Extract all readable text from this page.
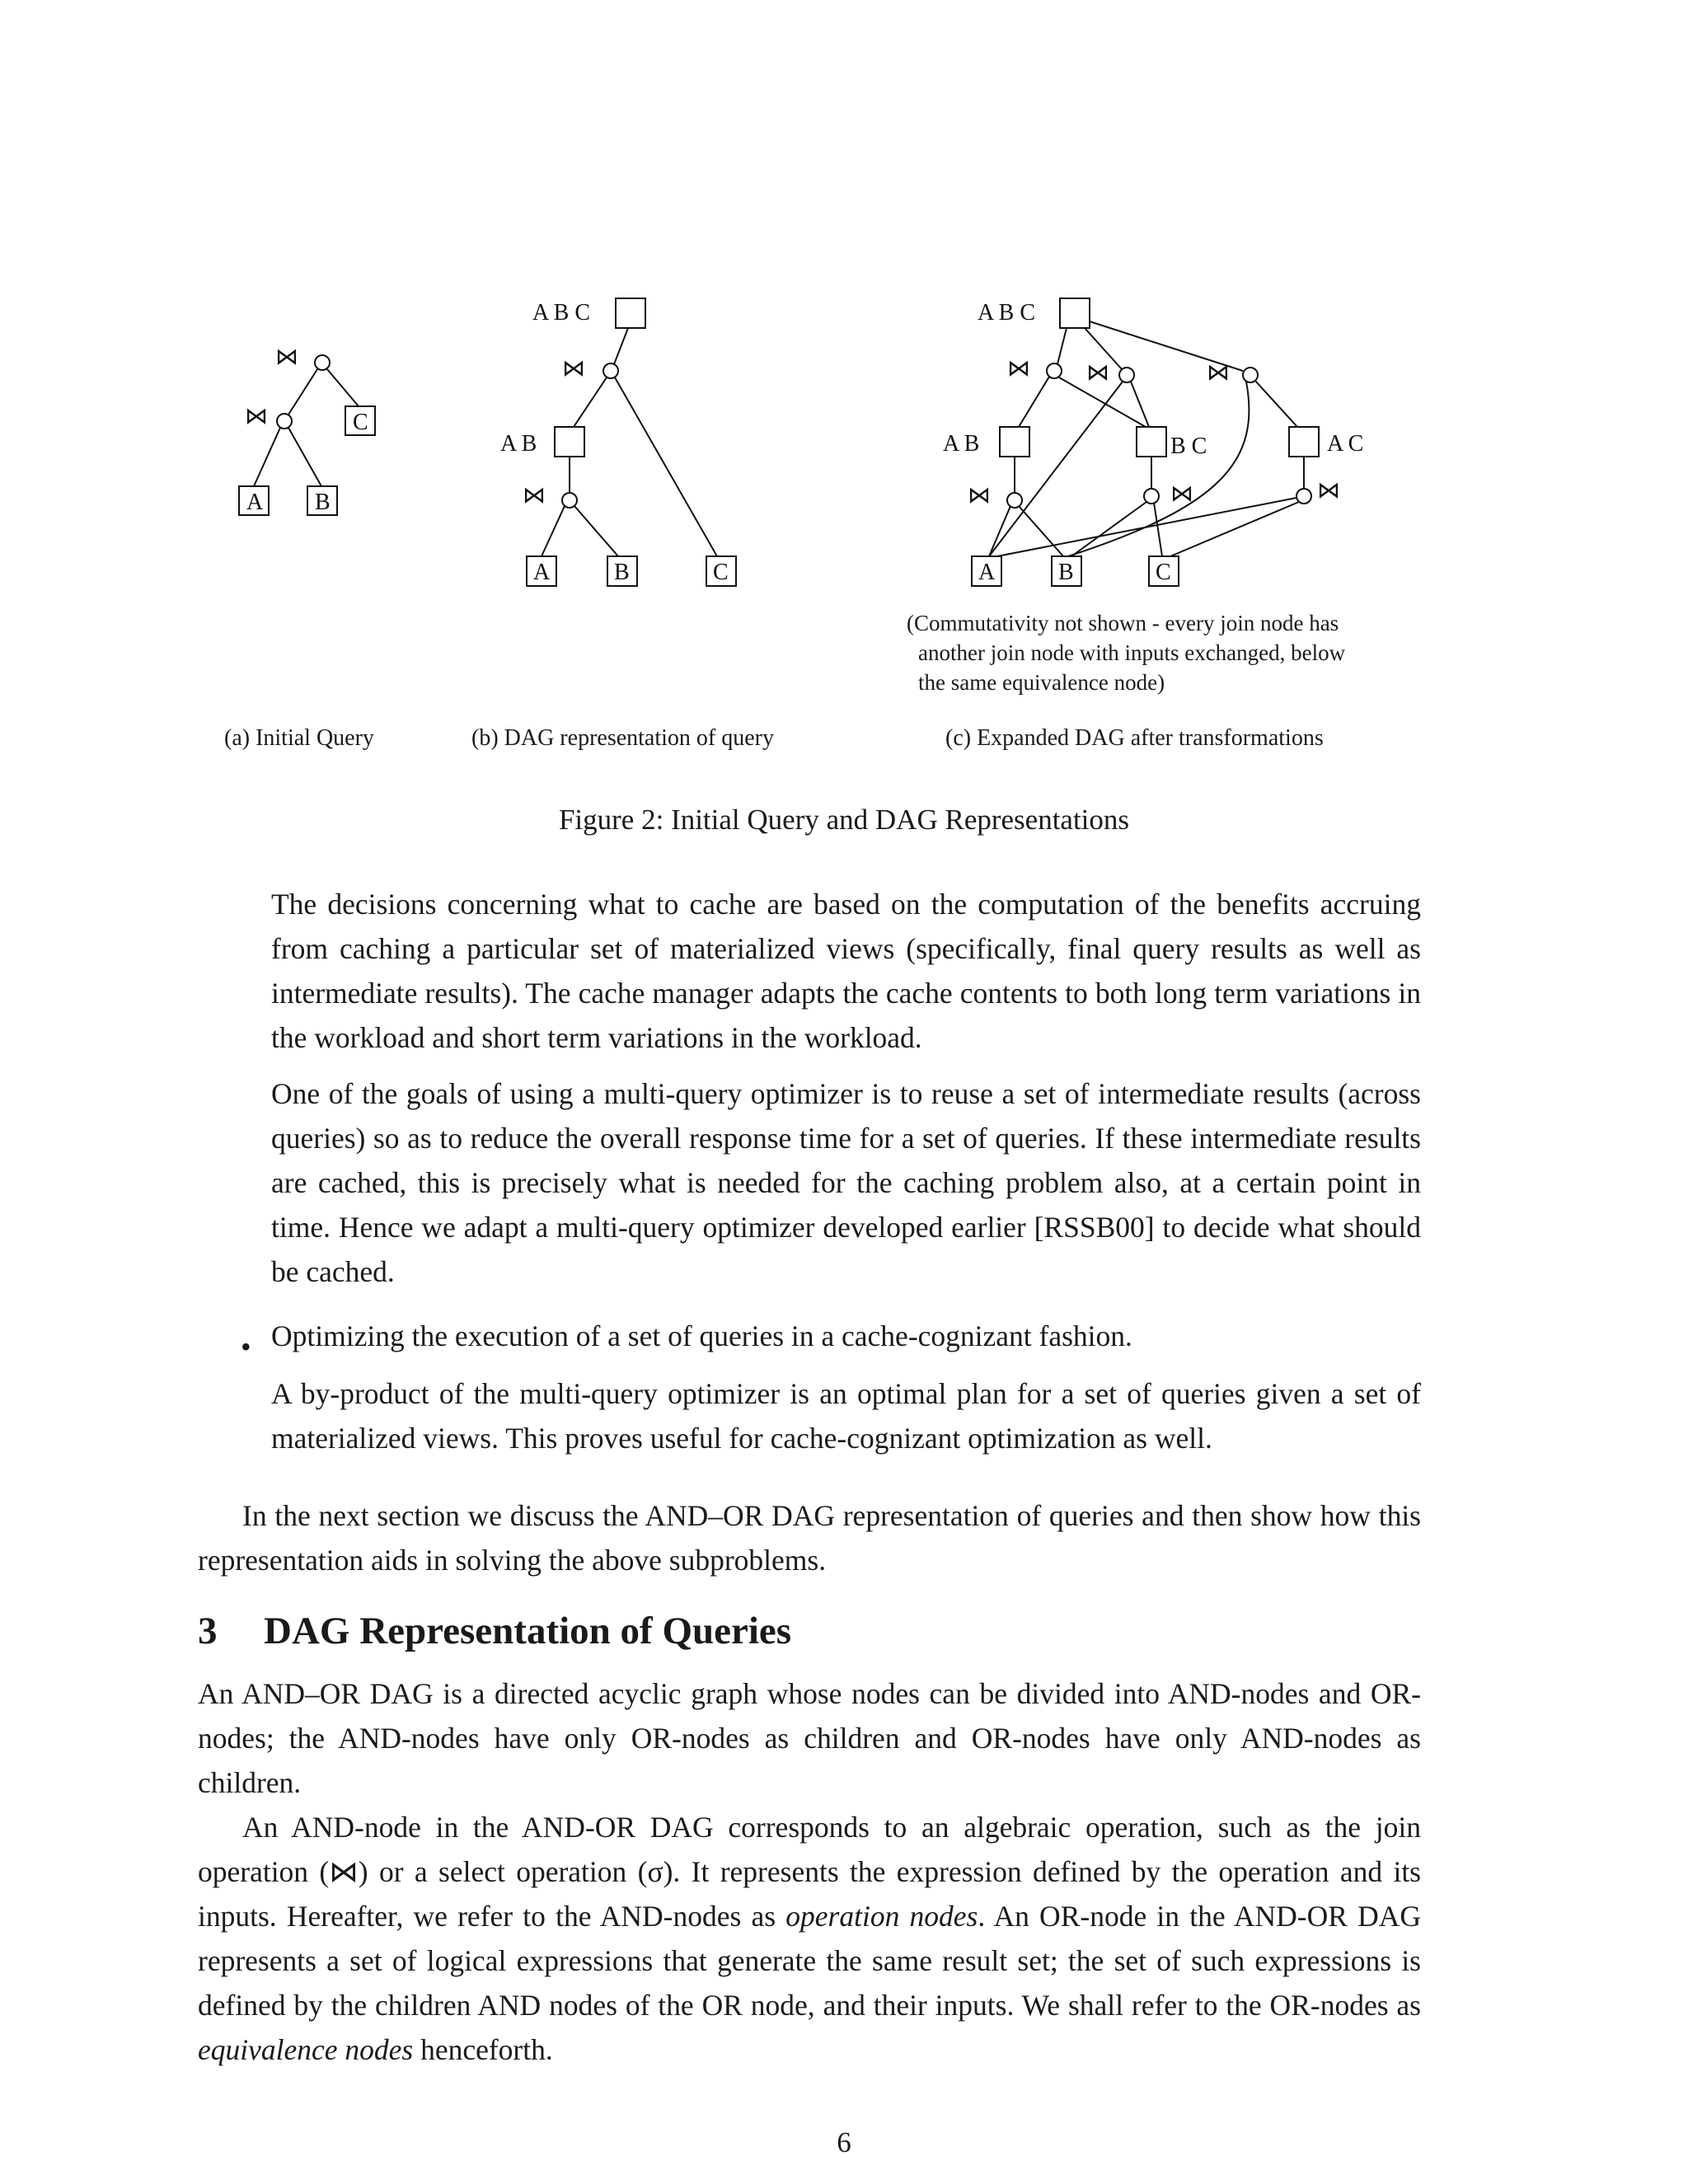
⋈
⋈	C
A B
A B C
⋈
A B
⋈
A	B	C
A B C
⋈ ⋈	⋈
A B	B C	A C
⋈	⋈	⋈
A	B	C
(Commutativity not shown - every join node has
another join node with inputs exchanged, below
the same equivalence node)
(a) Initial Query	(b) DAG representation of query	(c) Expanded DAG after transformations
Figure 2: Initial Query and DAG Representations

The decisions concerning what to cache are based on the computation of the benefits accruing from caching a particular set of materialized views (specifically, final query results as well as intermediate results). The cache manager adapts the cache contents to both long term variations in the workload and short term variations in the workload.

One of the goals of using a multi-query optimizer is to reuse a set of intermediate results (across queries) so as to reduce the overall response time for a set of queries. If these intermediate results are cached, this is precisely what is needed for the caching problem also, at a certain point in time. Hence we adapt a multi-query optimizer developed earlier [RSSB00] to decide what should be cached.

• Optimizing the execution of a set of queries in a cache-cognizant fashion.

A by-product of the multi-query optimizer is an optimal plan for a set of queries given a set of materialized views. This proves useful for cache-cognizant optimization as well.

In the next section we discuss the AND–OR DAG representation of queries and then show how this representation aids in solving the above subproblems.

3 DAG Representation of Queries

An AND–OR DAG is a directed acyclic graph whose nodes can be divided into AND-nodes and OR-nodes; the AND-nodes have only OR-nodes as children and OR-nodes have only AND-nodes as children.

An AND-node in the AND-OR DAG corresponds to an algebraic operation, such as the join operation (⋈) or a select operation (σ). It represents the expression defined by the operation and its inputs. Hereafter, we refer to the AND-nodes as operation nodes. An OR-node in the AND-OR DAG represents a set of logical expressions that generate the same result set; the set of such expressions is defined by the children AND nodes of the OR node, and their inputs. We shall refer to the OR-nodes as equivalence nodes henceforth.

6
